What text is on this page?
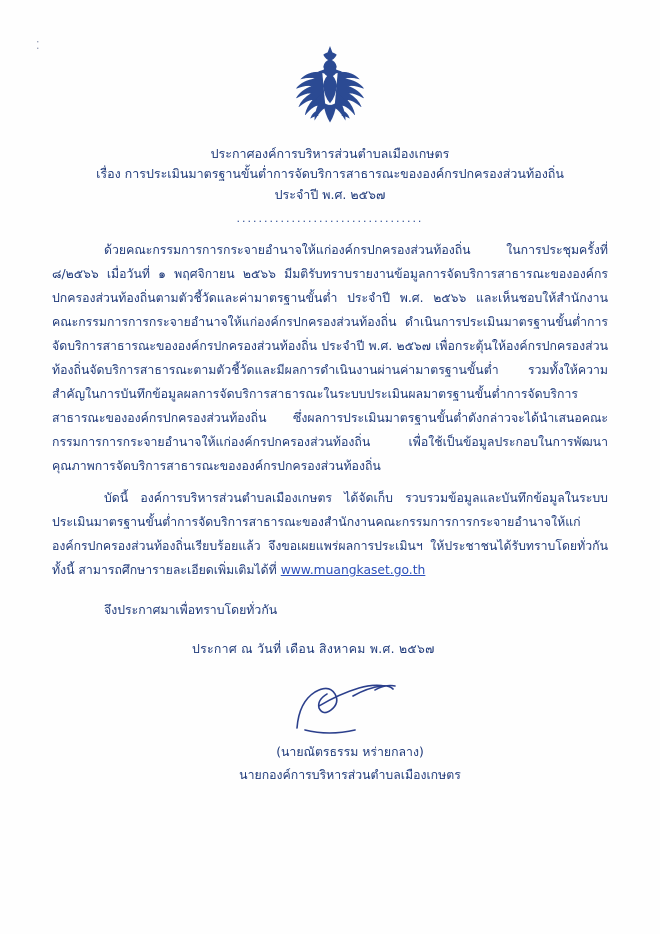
⁚
ประกาศองค์การบริหารส่วนตำบลเมืองเกษตร
เรื่อง การประเมินมาตรฐานขั้นต่ำการจัดบริการสาธารณะขององค์กรปกครองส่วนท้องถิ่น
ประจำปี พ.ศ. ๒๕๖๗
..................................

ด้วยคณะกรรมการการกระจายอำนาจให้แก่องค์กรปกครองส่วนท้องถิ่น ในการประชุมครั้งที่ ๘/๒๕๖๖ เมื่อวันที่ ๑ พฤศจิกายน ๒๕๖๖ มีมติรับทราบรายงานข้อมูลการจัดบริการสาธารณะขององค์กรปกครองส่วนท้องถิ่นตามตัวชี้วัดและค่ามาตรฐานขั้นต่ำ ประจำปี พ.ศ. ๒๕๖๖ และเห็นชอบให้สำนักงานคณะกรรมการการกระจายอำนาจให้แก่องค์กรปกครองส่วนท้องถิ่น ดำเนินการประเมินมาตรฐานขั้นต่ำการจัดบริการสาธารณะขององค์กรปกครองส่วนท้องถิ่น ประจำปี พ.ศ. ๒๕๖๗ เพื่อกระตุ้นให้องค์กรปกครองส่วนท้องถิ่นจัดบริการสาธารณะตามตัวชี้วัดและมีผลการดำเนินงานผ่านค่ามาตรฐานขั้นต่ำ รวมทั้งให้ความสำคัญในการบันทึกข้อมูลผลการจัดบริการสาธารณะในระบบประเมินผลมาตรฐานขั้นต่ำการจัดบริการสาธารณะขององค์กรปกครองส่วนท้องถิ่น ซึ่งผลการประเมินมาตรฐานขั้นต่ำดังกล่าวจะได้นำเสนอคณะกรรมการการกระจายอำนาจให้แก่องค์กรปกครองส่วนท้องถิ่น เพื่อใช้เป็นข้อมูลประกอบในการพัฒนาคุณภาพการจัดบริการสาธารณะขององค์กรปกครองส่วนท้องถิ่น

บัดนี้ องค์การบริหารส่วนตำบลเมืองเกษตร ได้จัดเก็บ รวบรวมข้อมูลและบันทึกข้อมูลในระบบประเมินมาตรฐานขั้นต่ำการจัดบริการสาธารณะของสำนักงานคณะกรรมการการกระจายอำนาจให้แก่องค์กรปกครองส่วนท้องถิ่นเรียบร้อยแล้ว จึงขอเผยแพร่ผลการประเมินฯ ให้ประชาชนได้รับทราบโดยทั่วกัน ทั้งนี้ สามารถศึกษารายละเอียดเพิ่มเติมได้ที่ www.muangkaset.go.th

จึงประกาศมาเพื่อทราบโดยทั่วกัน
ประกาศ ณ วันที่ เดือน สิงหาคม พ.ศ. ๒๕๖๗
(นายณัตรธรรม หร่ายกลาง)
นายกองค์การบริหารส่วนตำบลเมืองเกษตร
